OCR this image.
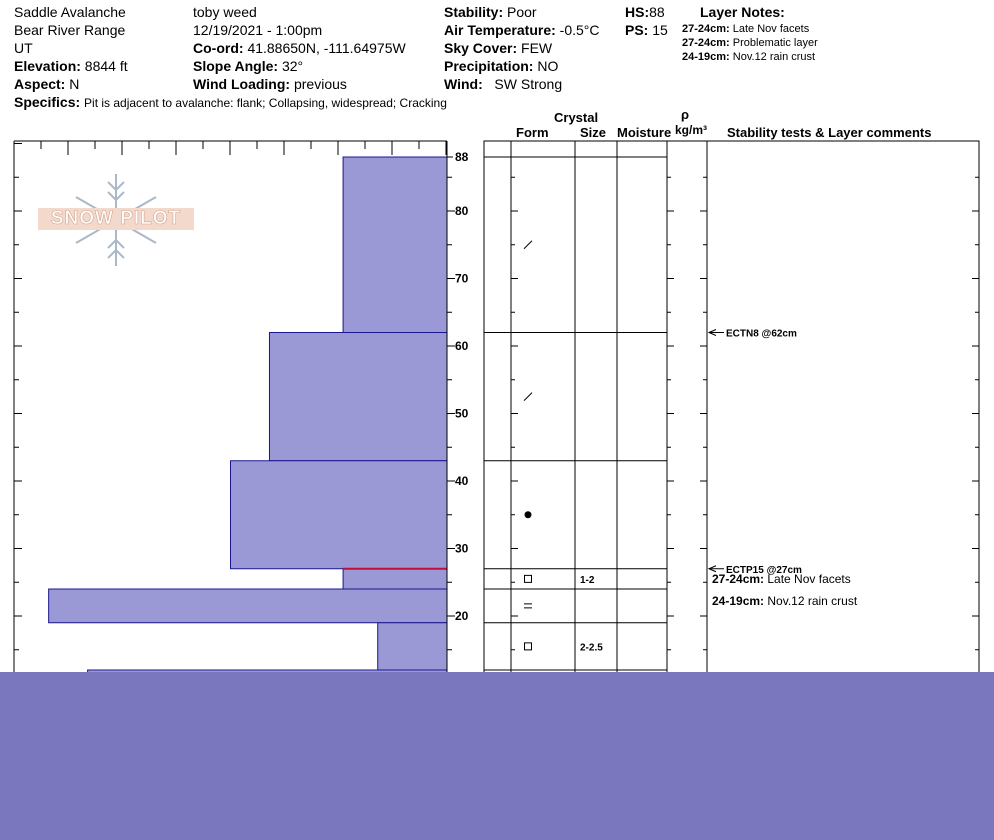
Saddle Avalanche
Bear River Range
UT
Elevation: 8844 ft
Aspect: N
toby weed
12/19/2021 - 1:00pm
Co-ord: 41.88650N, -111.64975W
Slope Angle: 32°
Wind Loading: previous
Stability: Poor
Air Temperature: -0.5°C
Sky Cover: FEW
Precipitation: NO
Wind: SW Strong
HS:88
PS: 15
Layer Notes:
27-24cm: Late Nov facets
27-24cm: Problematic layer
24-19cm: Nov.12 rain crust
Specifics: Pit is adjacent to avalanche: flank; Collapsing, widespread; Cracking
Crystal
Form Size Moisture
ρ
kg/m³ Stability tests & Layer comments
20
30
40
50
60
70
80
88
1-2
2-2.5
ECTN8 @62cm
ECTP15 @27cm
27-24cm: Late Nov facets
24-19cm: Nov.12 rain crust
SNOW PILOT
